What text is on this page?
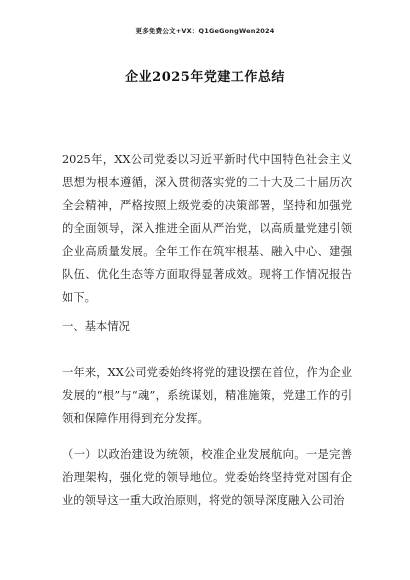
更多免费公文+VX：Q1GeGongWen2024
企业2025年党建工作总结

2025年，XX公司党委以习近平新时代中国特色社会主义思想为根本遵循，深入贯彻落实党的二十大及二十届历次全会精神，严格按照上级党委的决策部署，坚持和加强党的全面领导，深入推进全面从严治党，以高质量党建引领企业高质量发展。全年工作在筑牢根基、融入中心、建强队伍、优化生态等方面取得显著成效。现将工作情况报告如下。

一、基本情况

一年来，XX公司党委始终将党的建设摆在首位，作为企业发展的“根”与“魂”，系统谋划，精准施策，党建工作的引领和保障作用得到充分发挥。

（一）以政治建设为统领，校准企业发展航向。一是完善治理架构，强化党的领导地位。党委始终坚持党对国有企业的领导这一重大政治原则，将党的领导深度融入公司治
